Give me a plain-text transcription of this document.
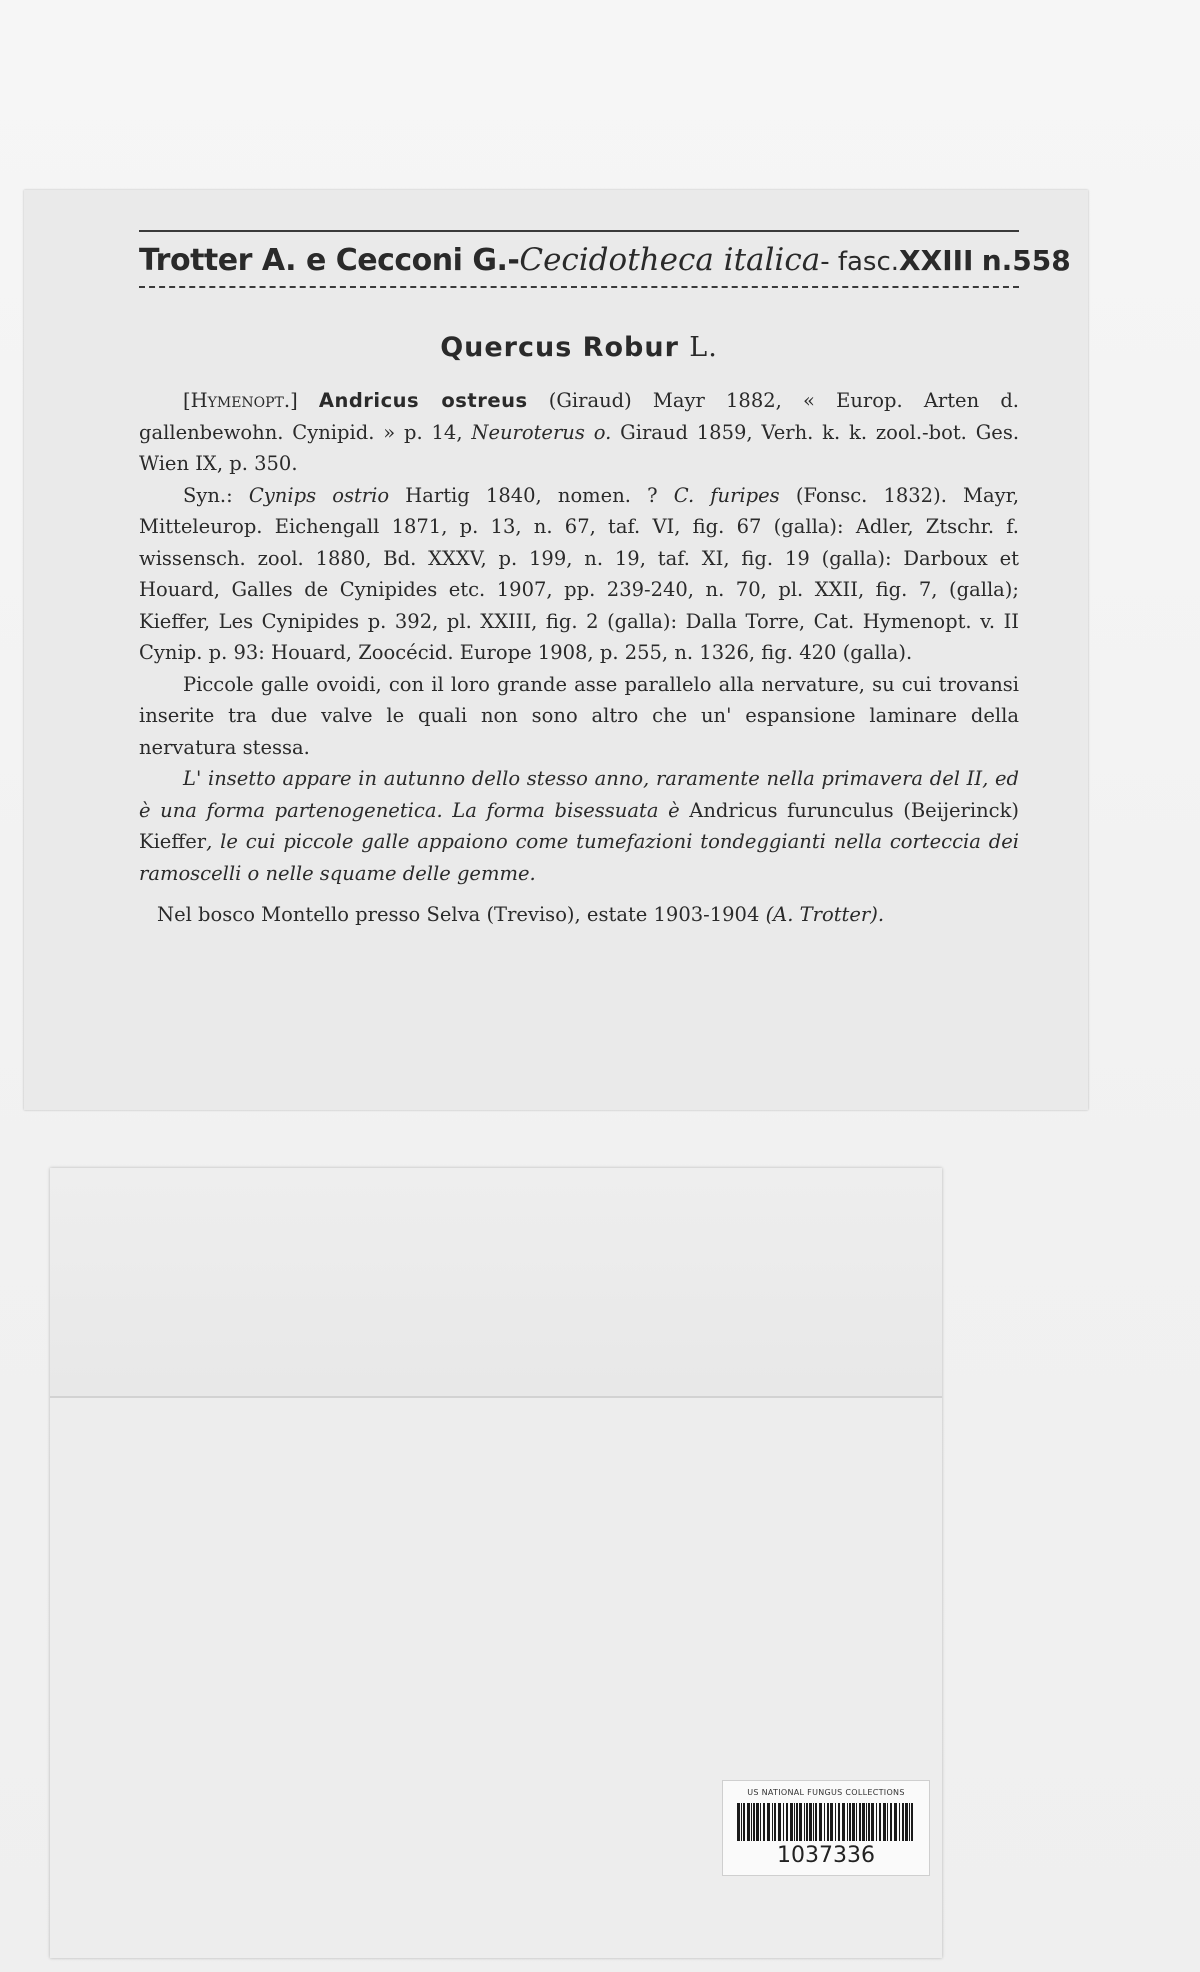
Trotter A. e Cecconi G.- Cecidotheca italica - fasc.XXIII n.558
Quercus Robur L.

[Hymenopt.] Andricus ostreus (Giraud) Mayr 1882, « Europ. Arten d. gallenbewohn. Cynipid. » p. 14, Neuroterus o. Giraud 1859, Verh. k. k. zool.-bot. Ges. Wien IX, p. 350.

Syn.: Cynips ostrio Hartig 1840, nomen. ? C. furipes (Fonsc. 1832). Mayr, Mitteleurop. Eichengall 1871, p. 13, n. 67, taf. VI, fig. 67 (galla): Adler, Ztschr. f. wissensch. zool. 1880, Bd. XXXV, p. 199, n. 19, taf. XI, fig. 19 (galla): Darboux et Houard, Galles de Cynipides etc. 1907, pp. 239-240, n. 70, pl. XXII, fig. 7, (galla); Kieffer, Les Cynipides p. 392, pl. XXIII, fig. 2 (galla): Dalla Torre, Cat. Hymenopt. v. II Cynip. p. 93: Houard, Zoocécid. Europe 1908, p. 255, n. 1326, fig. 420 (galla).

Piccole galle ovoidi, con il loro grande asse parallelo alla nervature, su cui trovansi inserite tra due valve le quali non sono altro che un' espansione laminare della nervatura stessa.

L' insetto appare in autunno dello stesso anno, raramente nella primavera del II, ed è una forma partenogenetica. La forma bisessuata è Andricus furunculus (Beijerinck) Kieffer, le cui piccole galle appaiono come tumefazioni tondeggianti nella corteccia dei ramoscelli o nelle squame delle gemme.

Nel bosco Montello presso Selva (Treviso), estate 1903-1904 (A. Trotter).

US NATIONAL FUNGUS COLLECTIONS
1037336
